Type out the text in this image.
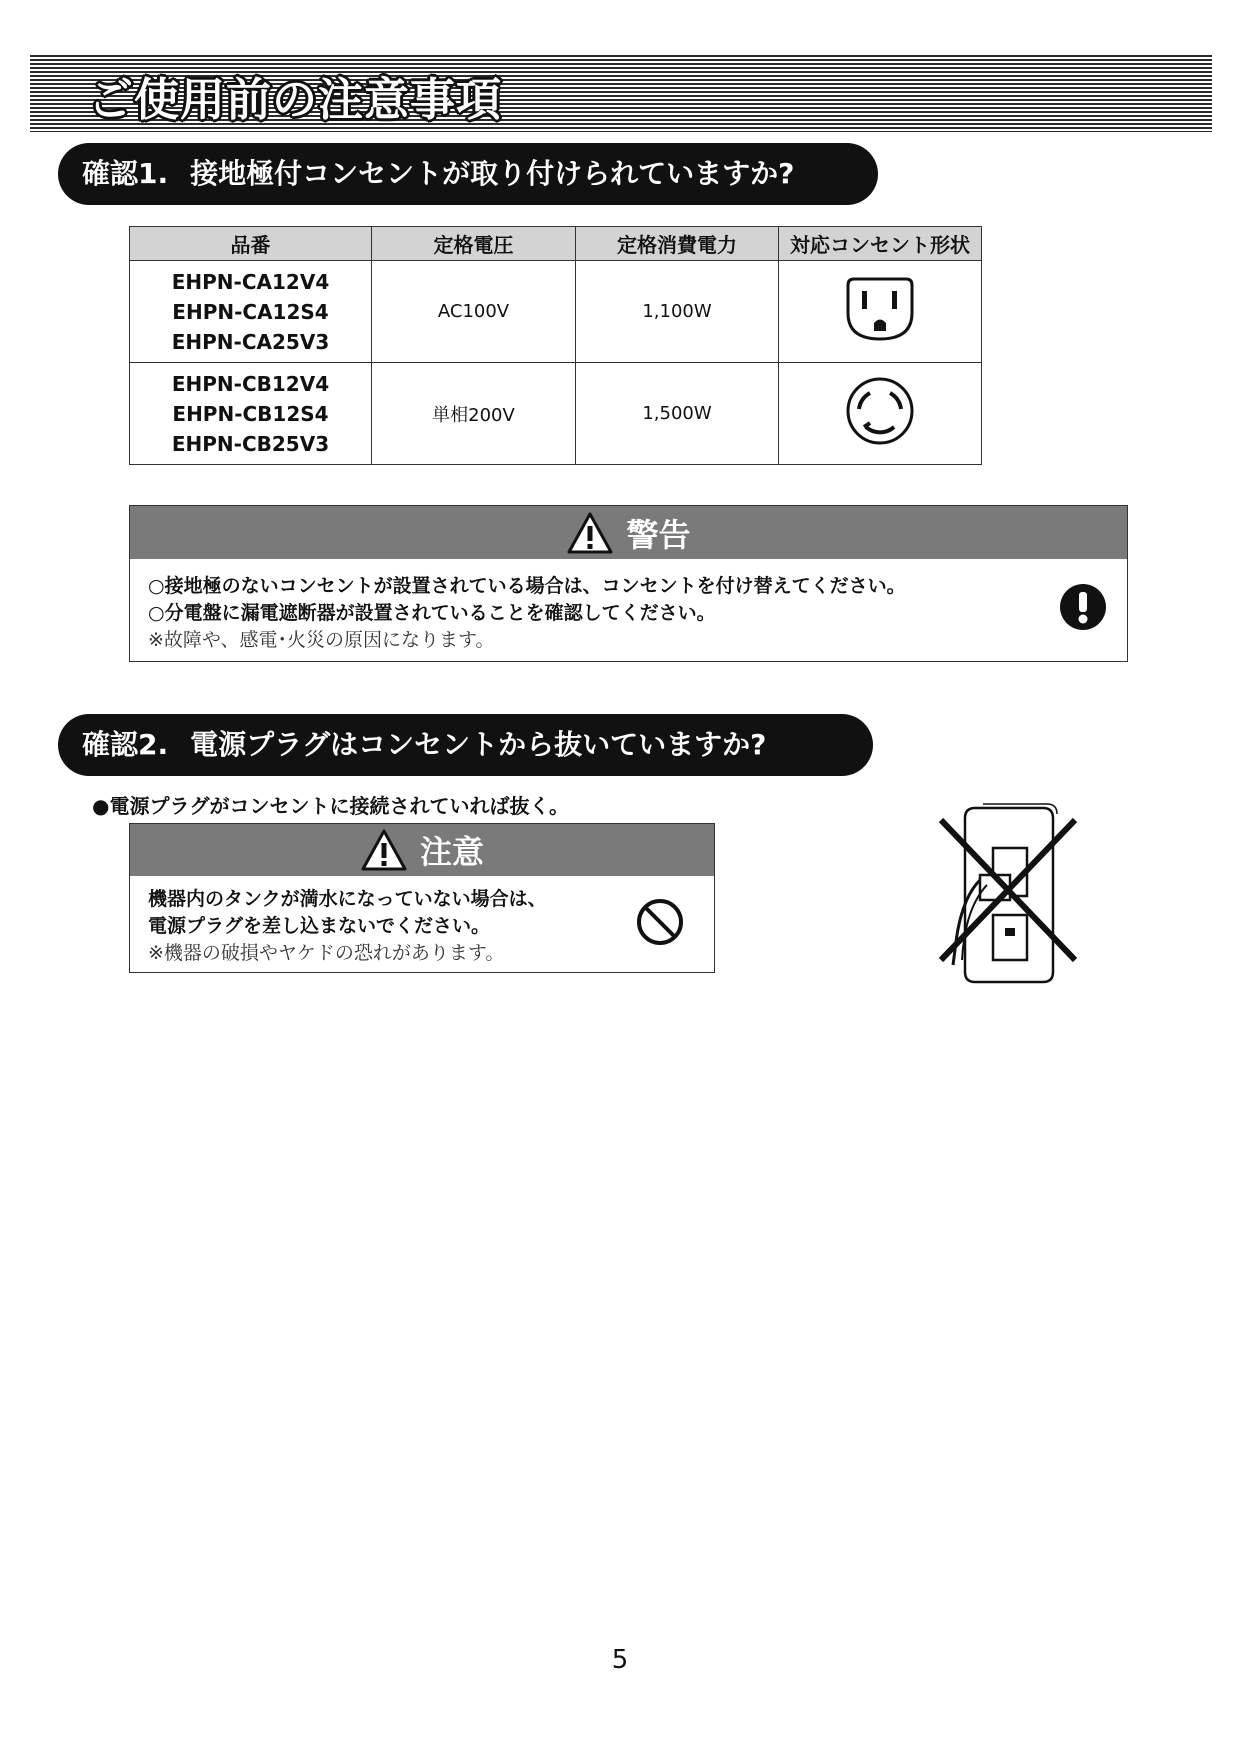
ご使用前の注意事項
確認1. 接地極付コンセントが取り付けられていますか?
品番	定格電圧	定格消費電力	対応コンセント形状

EHPN-CA12V4
EHPN-CA12S4
EHPN-CA25V3	AC100V	1,100W	

EHPN-CB12V4
EHPN-CB12S4
EHPN-CB25V3	単相200V	1,500W	
警告
○接地極のないコンセントが設置されている場合は、コンセントを付け替えてください。
○分電盤に漏電遮断器が設置されていることを確認してください。
※故障や、感電･火災の原因になります。
確認2. 電源プラグはコンセントから抜いていますか?
●電源プラグがコンセントに接続されていれば抜く。
注意
機器内のタンクが満水になっていない場合は、
電源プラグを差し込まないでください。
※機器の破損やヤケドの恐れがあります。
5
